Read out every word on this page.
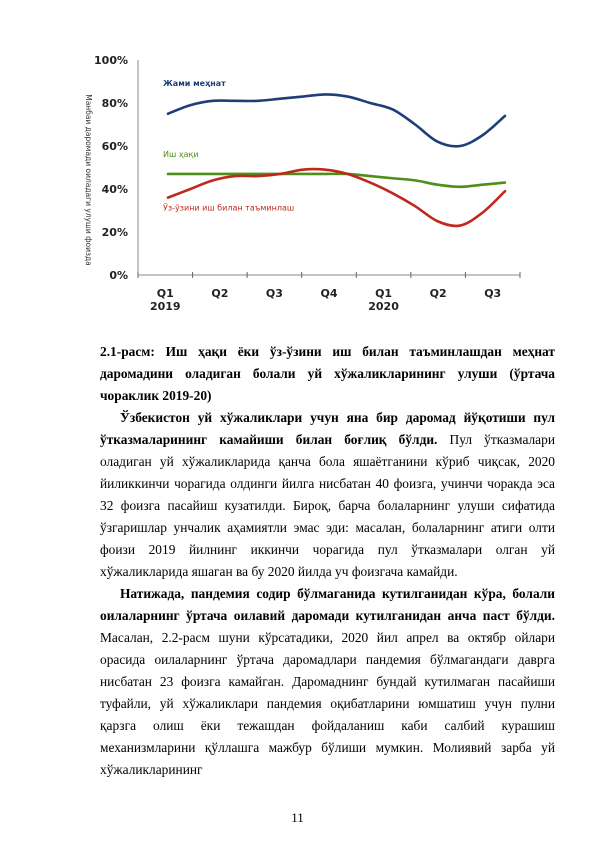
0%
20%
40%
60%
80%
100%
Q1	Q2	Q3	Q4	Q1	Q2	Q3
2019	2020
Жами меҳнат
Иш ҳақи
Ўз-ўзини иш билан таъминлаш
Манбаи даромади оиладаги улуши фоизда
2.1-расм: Иш ҳақи ёки ўз-ўзини иш билан таъминлашдан меҳнат даромадини оладиган болали уй хўжаликларининг улуши (ўртача чораклик 2019-20)

Ўзбекистон уй хўжаликлари учун яна бир даромад йўқотиши пул ўтказмаларининг камайиши билан боғлиқ бўлди. Пул ўтказмалари оладиган уй хўжаликларида қанча бола яшаётганини кўриб чиқсак, 2020 йиликкинчи чорагида олдинги йилга нисбатан 40 фоизга, учинчи чоракда эса 32 фоизга пасайиш кузатилди. Бироқ, барча болаларнинг улуши сифатида ўзгаришлар унчалик аҳамиятли эмас эди: масалан, болаларнинг атиги олти фоизи 2019 йилнинг иккинчи чорагида пул ўтказмалари олган уй хўжаликларида яшаган ва бу 2020 йилда уч фоизгача камайди.

Натижада, пандемия содир бўлмаганида кутилганидан кўра, болали оилаларнинг ўртача оилавий даромади кутилганидан анча паст бўлди. Масалан, 2.2-расм шуни кўрсатадики, 2020 йил апрел ва октябр ойлари орасида оилаларнинг ўртача даромадлари пандемия бўлмагандаги даврга нисбатан 23 фоизга камайган. Даромаднинг бундай кутилмаган пасайиши туфайли, уй хўжаликлари пандемия оқибатларини юмшатиш учун пулни қарзга олиш ёки тежашдан фойдаланиш каби салбий курашиш механизмларини қўллашга мажбур бўлиши мумкин. Молиявий зарба уй хўжаликларининг

11
